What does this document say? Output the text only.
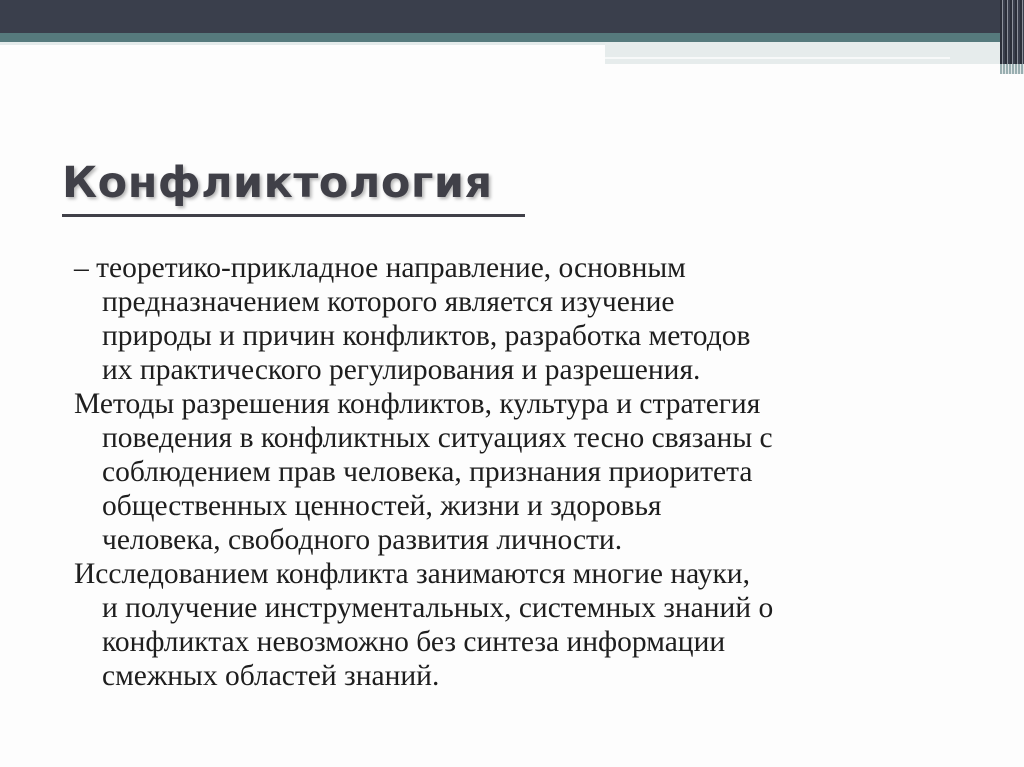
Конфликтология

– теоретико-прикладное направление, основным
предназначением которого является изучение
природы и причин конфликтов, разработка методов
их практического регулирования и разрешения.

Методы разрешения конфликтов, культура и стратегия
поведения в конфликтных ситуациях тесно связаны с
соблюдением прав человека, признания приоритета
общественных ценностей, жизни и здоровья
человека, свободного развития личности.

Исследованием конфликта занимаются многие науки,
и получение инструментальных, системных знаний о
конфликтах невозможно без синтеза информации
смежных областей знаний.
